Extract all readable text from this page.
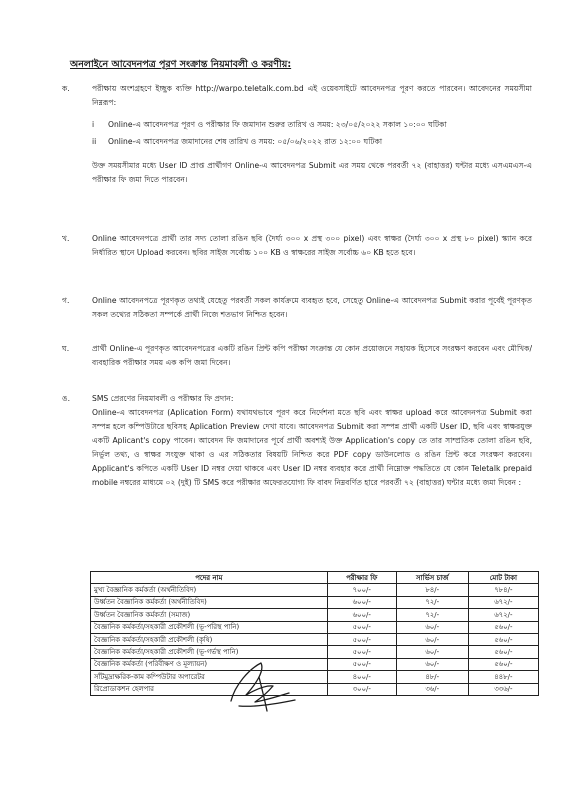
অনলাইনে আবেদনপত্র পূরণ সংক্রান্ত নিয়মাবলী ও করণীয়:
ক.	পরীক্ষায় অংশগ্রহণে ইচ্ছুক ব্যক্তি http://warpo.teletalk.com.bd এই ওয়েবসাইটে আবেদনপত্র পূরণ করতে পারবেন। আবেদনের সময়সীমা নিম্নরূপ:
i	Online-এ আবেদনপত্র পূরণ ও পরীক্ষার ফি জমাদান শুরুর তারিখ ও সময়: ২৩/০৫/২০২২ সকাল ১০:০০ ঘটিকা
ii	Online-এ আবেদনপত্র জমাদানের শেষ তারিখ ও সময়: ০৫/০৬/২০২২ রাত ১২:০০ ঘটিকা
উক্ত সময়সীমার মধ্যে User ID প্রাপ্ত প্রার্থীগণ Online-এ আবেদনপত্র Submit এর সময় থেকে পরবর্তী ৭২ (বাহাত্তর) ঘন্টার মধ্যে এসএমএস-এ পরীক্ষার ফি জমা দিতে পারবেন।
খ.	Online আবেদনপত্রে প্রার্থী তার সদ্য তোলা রঙিন ছবি (দৈর্ঘ্য ৩০০ x প্রস্থ ৩০০ pixel) এবং স্বাক্ষর (দৈর্ঘ্য ৩০০ x প্রস্থ ৮০ pixel) স্ক্যান করে নির্ধারিত স্থানে Upload করবেন। ছবির সাইজ সর্বোচ্চ ১০০ KB ও স্বাক্ষরের সাইজ সর্বোচ্চ ৬০ KB হতে হবে।
গ.	Online আবেদনপত্রে পূরণকৃত তথ্যই যেহেতু পরবর্তী সকল কার্যক্রমে ব্যবহৃত হবে, সেহেতু Online-এ আবেদনপত্র Submit করার পূর্বেই পূরণকৃত সকল তথ্যের সঠিকতা সম্পর্কে প্রার্থী নিজে শতভাগ নিশ্চিত হবেন।
ঘ.	প্রার্থী Online-এ পূরণকৃত আবেদনপত্রের একটি রঙিন প্রিন্ট কপি পরীক্ষা সংক্রান্ত যে কোন প্রয়োজনে সহায়ক হিসেবে সংরক্ষণ করবেন এবং মৌখিক/ব্যবহারিক পরীক্ষার সময় এক কপি জমা দিবেন।
ঙ.	SMS প্রেরণের নিয়মাবলী ও পরীক্ষার ফি প্রদান:
Online-এ আবেদনপত্র (Aplication Form) যথাযথভাবে পূরণ করে নির্দেশনা মতে ছবি এবং স্বাক্ষর upload করে আবেদনপত্র Submit করা সম্পন্ন হলে কম্পিউটারে ছবিসহ Aplication Preview দেখা যাবে। আবেদনপত্র Submit করা সম্পন্ন প্রার্থী একটি User ID, ছবি এবং স্বাক্ষরযুক্ত একটি Aplicant's copy পাবেন। আবেদন ফি জমাদানের পূর্বে প্রার্থী অবশ্যই উক্ত Application's copy তে তার সাম্প্রতিক তোলা রঙিন ছবি, নির্ভুল তথ্য, ও স্বাক্ষর সংযুক্ত থাকা ও এর সঠিকতার বিষয়টি নিশ্চিত করে PDF copy ডাউনলোড ও রঙিন প্রিন্ট করে সংরক্ষণ করবেন। Applicant's কপিতে একটি User ID নম্বর দেয়া থাকবে এবং User ID নম্বর ব্যবহার করে প্রার্থী নিম্নোক্ত পদ্ধতিতে যে কোন Teletalk prepaid mobile নম্বরের মাধ্যমে ০২ (দুই) টি SMS করে পরীক্ষার অফেরতযোগ্য ফি বাবদ নিম্নবর্ণিত হারে পরবর্তী ৭২ (বাহাত্তর) ঘন্টার মধ্যে জমা দিবেন :
পদের নাম	পরীক্ষার ফি	সার্ভিস চার্জ	মোট টাকা
মুখ্য বৈজ্ঞানিক কর্মকর্তা (অর্থনীতিবিদ)	৭০০/-	৮৪/-	৭৮৪/-
উর্ধ্বতন বৈজ্ঞানিক কর্মকর্তা (অর্থনীতিবিদ)	৬০০/-	৭২/-	৬৭২/-
উর্ধ্বতন বৈজ্ঞানিক কর্মকর্তা (সমাজ)	৬০০/-	৭২/-	৬৭২/-
বৈজ্ঞানিক কর্মকর্তা/সহকারী প্রকৌশলী (ভূ-পরিস্থ পানি)	৫০০/-	৬০/-	৫৬০/-
বৈজ্ঞানিক কর্মকর্তা/সহকারী প্রকৌশলী (কৃষি)	৫০০/-	৬০/-	৫৬০/-
বৈজ্ঞানিক কর্মকর্তা/সহকারী প্রকৌশলী (ভূ-গর্ভস্থ পানি)	৫০০/-	৬০/-	৫৬০/-
বৈজ্ঞানিক কর্মকর্তা (পরিবীক্ষণ ও মূল্যায়ন)	৫০০/-	৬০/-	৫৬০/-
সাঁটমুদ্রাক্ষরিক-কাম কম্পিউটার অপারেটর	৪০০/-	৪৮/-	৪৪৮/-
রিপ্রোডাকশন হেলপার	৩০০/-	৩৬/-	৩৩৬/-
